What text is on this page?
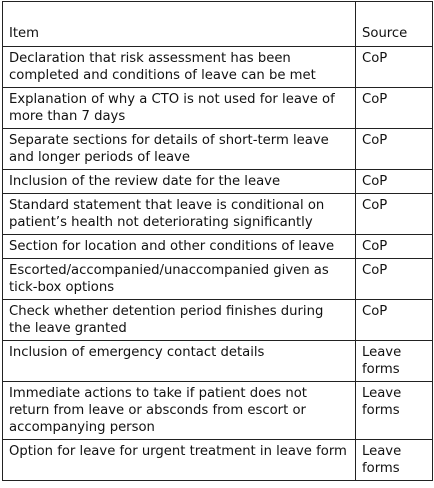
Item	Source
Declaration that risk assessment has been completed and conditions of leave can be met	CoP
Explanation of why a CTO is not used for leave of more than 7 days	CoP
Separate sections for details of short-term leave and longer periods of leave	CoP
Inclusion of the review date for the leave	CoP
Standard statement that leave is conditional on patient’s health not deteriorating significantly	CoP
Section for location and other conditions of leave	CoP
Escorted/accompanied/unaccompanied given as tick-box options	CoP
Check whether detention period finishes during the leave granted	CoP
Inclusion of emergency contact details	Leave forms
Immediate actions to take if patient does not return from leave or absconds from escort or accompanying person	Leave forms
Option for leave for urgent treatment in leave form	Leave forms
